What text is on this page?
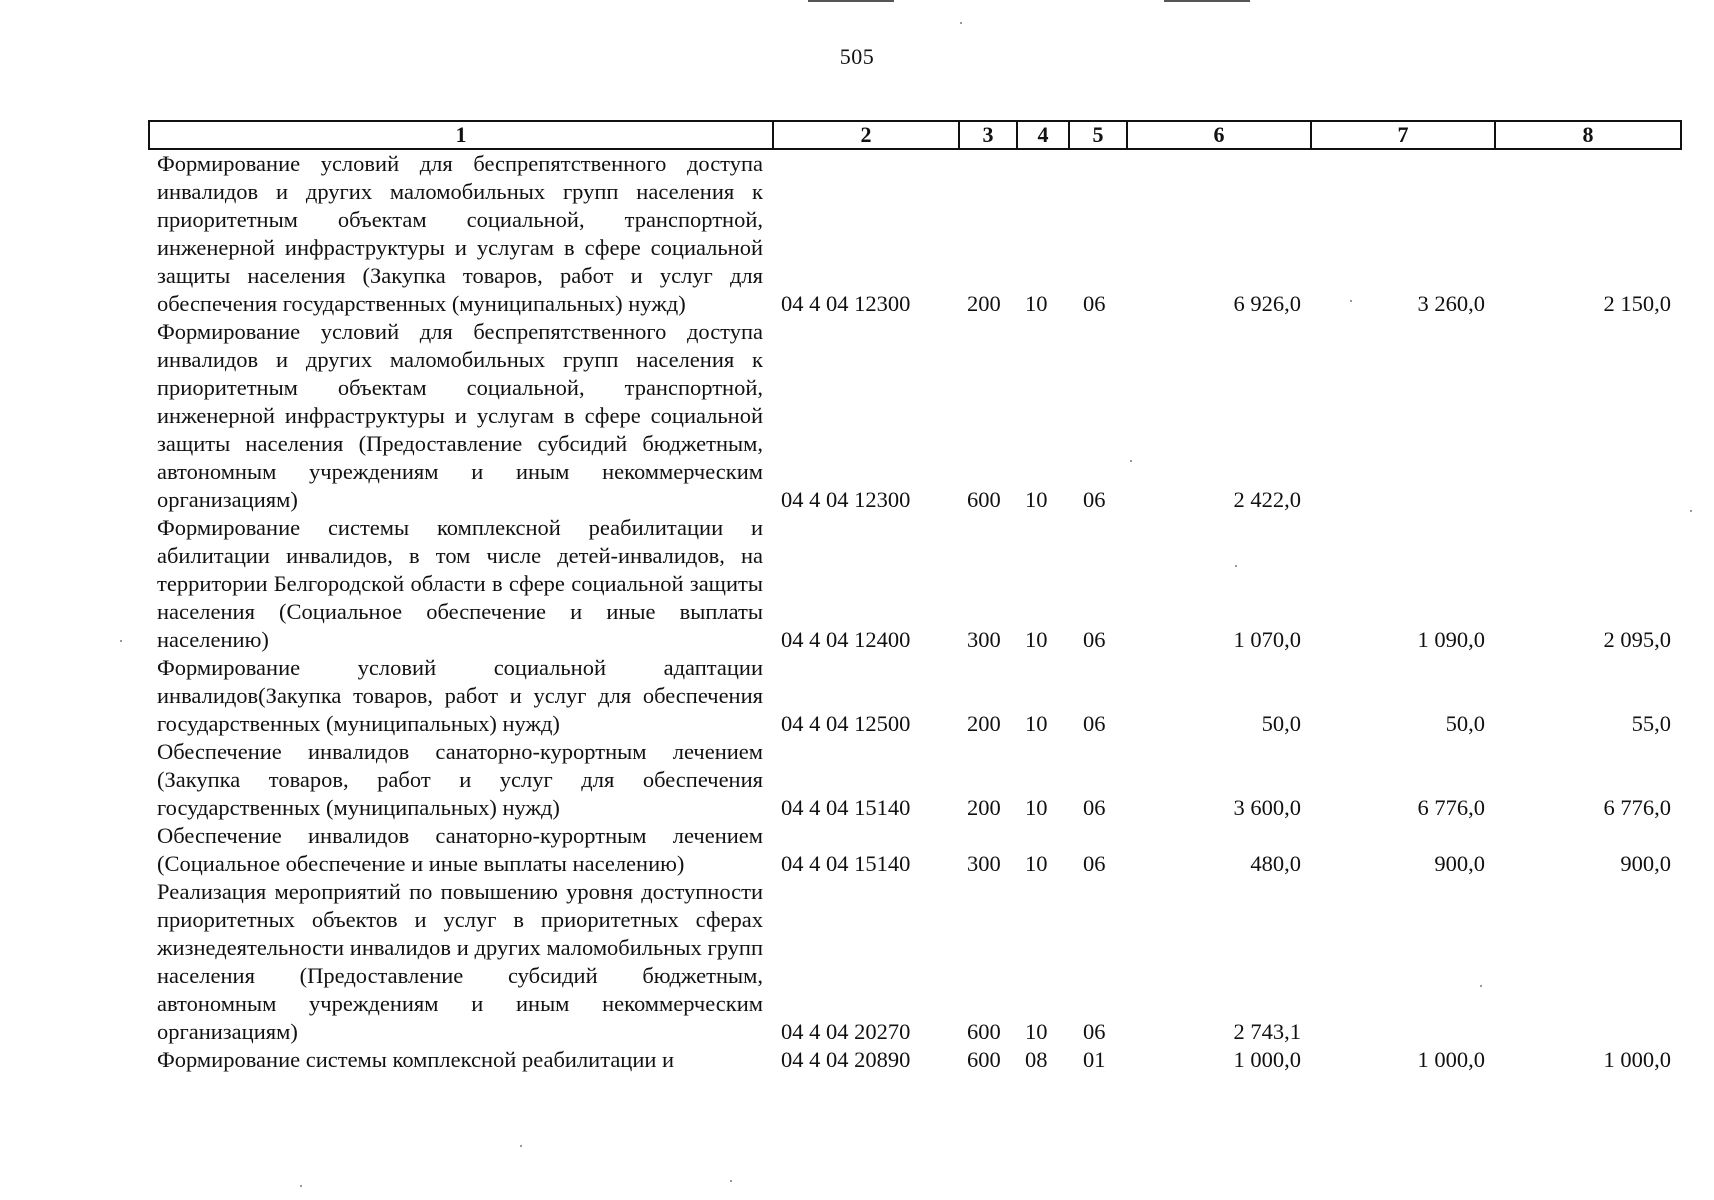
505
1	2	3	4	5	6	7	8
Формирование условий для беспрепятственного доступа инвалидов и других маломобильных групп населения к приоритетным объектам социальной, транспортной, инженерной инфраструктуры и услугам в сфере социальной защиты населения (Закупка товаров, работ и услуг для обеспечения государственных (муниципальных) нужд)	04 4 04 12300	200	10	06	6 926,0	3 260,0	2 150,0
Формирование условий для беспрепятственного доступа инвалидов и других маломобильных групп населения к приоритетным объектам социальной, транспортной, инженерной инфраструктуры и услугам в сфере социальной защиты населения (Предоставление субсидий бюджетным, автономным учреждениям и иным некоммерческим организациям)	04 4 04 12300	600	10	06	2 422,0		
Формирование системы комплексной реабилитации и абилитации инвалидов, в том числе детей-инвалидов, на территории Белгородской области в сфере социальной защиты населения (Социальное обеспечение и иные выплаты населению)	04 4 04 12400	300	10	06	1 070,0	1 090,0	2 095,0
Формирование условий социальной адаптации инвалидов(Закупка товаров, работ и услуг для обеспечения государственных (муниципальных) нужд)	04 4 04 12500	200	10	06	50,0	50,0	55,0
Обеспечение инвалидов санаторно-курортным лечением (Закупка товаров, работ и услуг для обеспечения государственных (муниципальных) нужд)	04 4 04 15140	200	10	06	3 600,0	6 776,0	6 776,0
Обеспечение инвалидов санаторно-курортным лечением (Социальное обеспечение и иные выплаты населению)	04 4 04 15140	300	10	06	480,0	900,0	900,0
Реализация мероприятий по повышению уровня доступности приоритетных объектов и услуг в приоритетных сферах жизнедеятельности инвалидов и других маломобильных групп населения (Предоставление субсидий бюджетным, автономным учреждениям и иным некоммерческим организациям)	04 4 04 20270	600	10	06	2 743,1		
Формирование системы комплексной реабилитации и	04 4 04 20890	600	08	01	1 000,0	1 000,0	1 000,0
